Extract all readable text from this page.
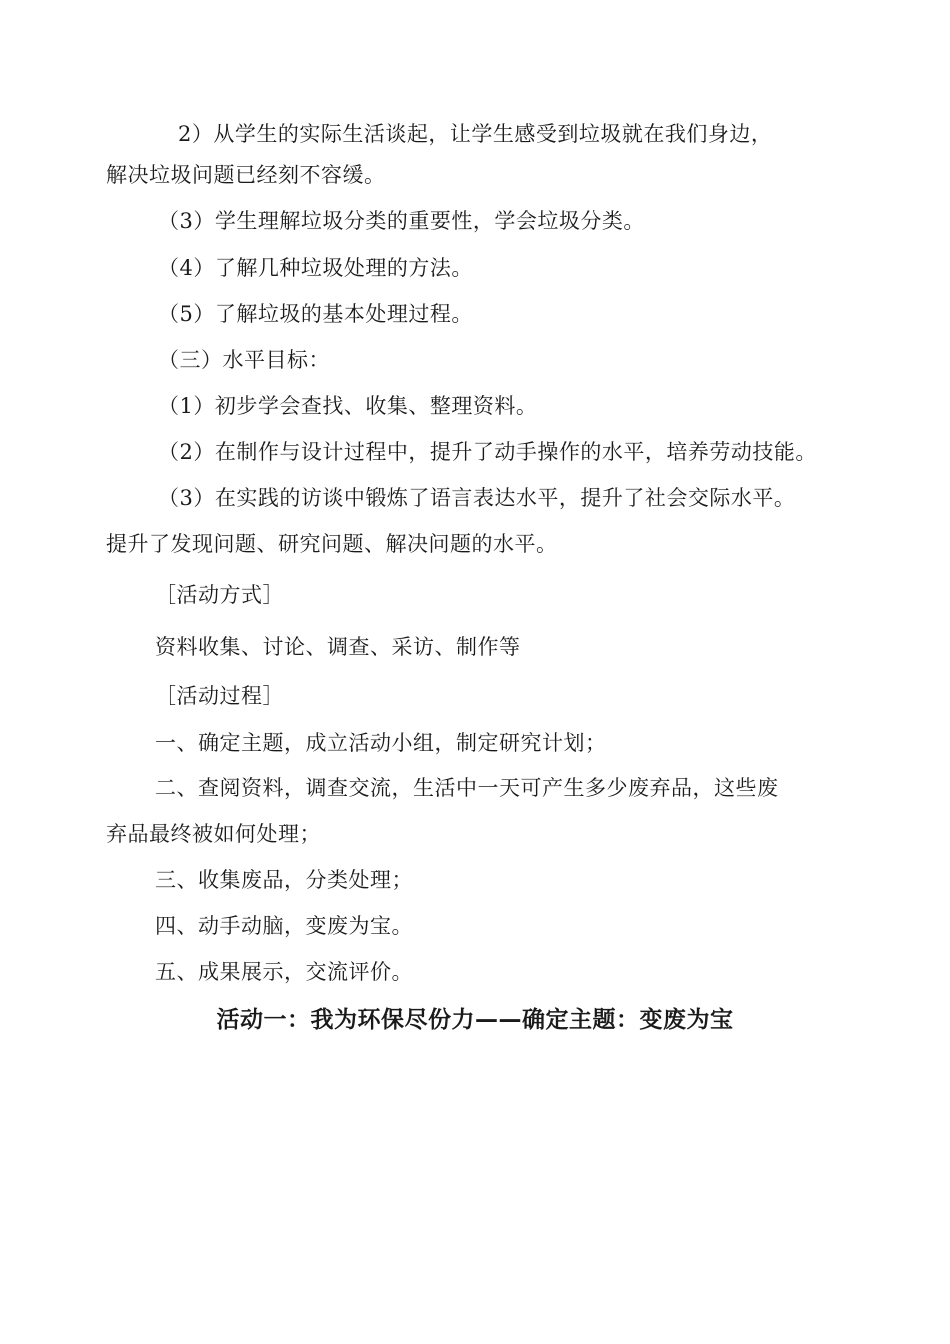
2）从学生的实际生活谈起，让学生感受到垃圾就在我们身边，
解决垃圾问题已经刻不容缓。
（3）学生理解垃圾分类的重要性，学会垃圾分类。
（4）了解几种垃圾处理的方法。
（5）了解垃圾的基本处理过程。
（三）水平目标：
（1）初步学会查找、收集、整理资料。
（2）在制作与设计过程中，提升了动手操作的水平，培养劳动技能。
（3）在实践的访谈中锻炼了语言表达水平，提升了社会交际水平。
提升了发现问题、研究问题、解决问题的水平。
［活动方式］
资料收集、讨论、调查、采访、制作等
［活动过程］
一、确定主题，成立活动小组，制定研究计划；
二、查阅资料，调查交流，生活中一天可产生多少废弃品，这些废
弃品最终被如何处理；
三、收集废品，分类处理；
四、动手动脑，变废为宝。
五、成果展示，交流评价。
活动一：我为环保尽份力——确定主题：变废为宝
